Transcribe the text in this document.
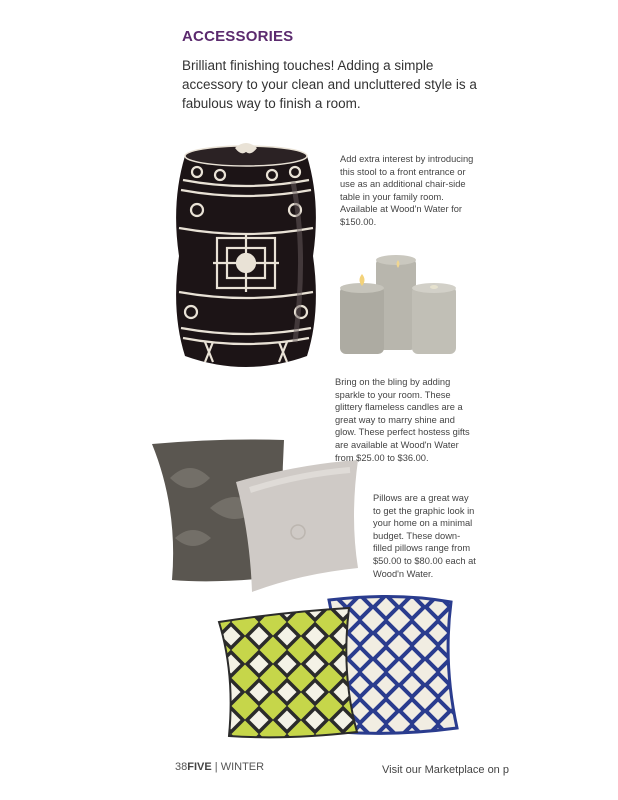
ACCESSORIES
Brilliant finishing touches! Adding a simple accessory to your clean and uncluttered style is a fabulous way to finish a room.
Add extra interest by introducing this stool to a front entrance or use as an additional chair-side table in your family room. Available at Wood'n Water for $150.00.
Bring on the bling by adding sparkle to your room. These glittery flameless candles are a great way to marry shine and glow. These perfect hostess gifts are available at Wood'n Water from $25.00 to $36.00.
Pillows are a great way to get the graphic look in your home on a minimal budget. These down-filled pillows range from $50.00 to $80.00 each at Wood'n Water.
38FIVE | WINTER	Visit our Marketplace on p
